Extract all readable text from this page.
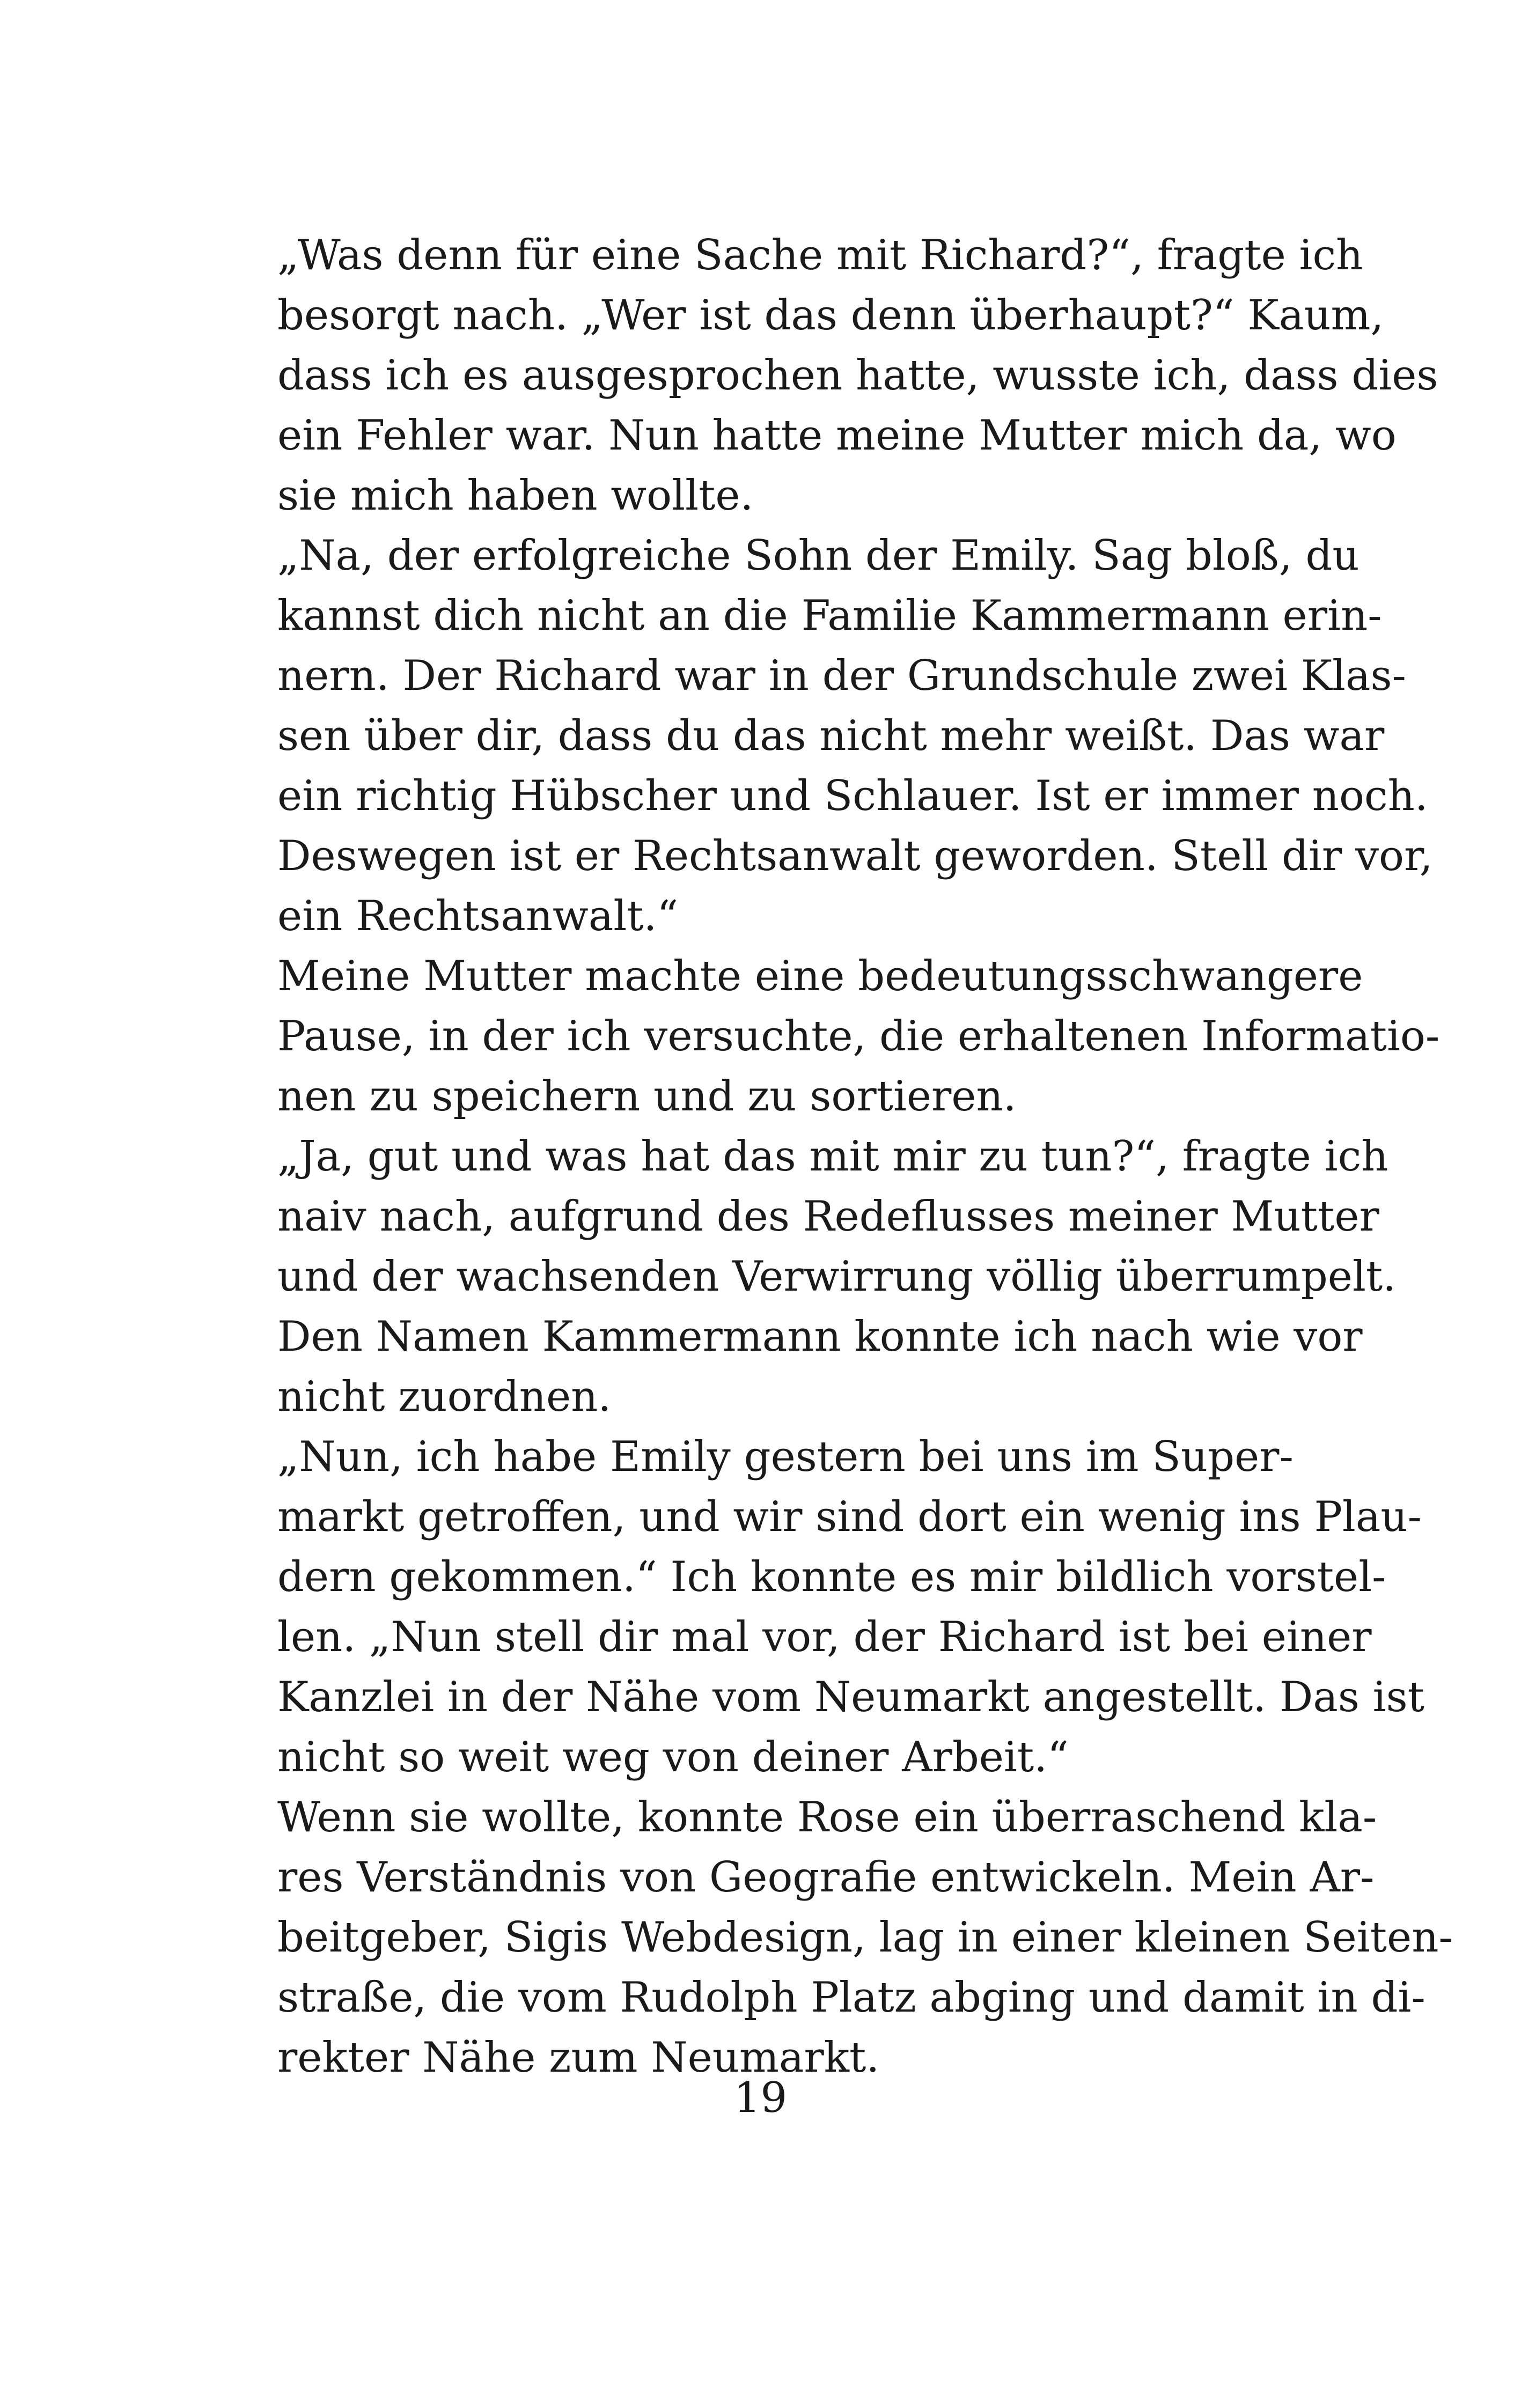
„Was denn für eine Sache mit Richard?“, fragte ich
besorgt nach. „Wer ist das denn überhaupt?“ Kaum,
dass ich es ausgesprochen hatte, wusste ich, dass dies
ein Fehler war. Nun hatte meine Mutter mich da, wo
sie mich haben wollte.

„Na, der erfolgreiche Sohn der Emily. Sag bloß, du
kannst dich nicht an die Familie Kammermann erin-
nern. Der Richard war in der Grundschule zwei Klas-
sen über dir, dass du das nicht mehr weißt. Das war
ein richtig Hübscher und Schlauer. Ist er immer noch.
Deswegen ist er Rechtsanwalt geworden. Stell dir vor,
ein Rechtsanwalt.“

Meine Mutter machte eine bedeutungsschwangere
Pause, in der ich versuchte, die erhaltenen Informatio-
nen zu speichern und zu sortieren.

„Ja, gut und was hat das mit mir zu tun?“, fragte ich
naiv nach, aufgrund des Redeflusses meiner Mutter
und der wachsenden Verwirrung völlig überrumpelt.
Den Namen Kammermann konnte ich nach wie vor
nicht zuordnen.

„Nun, ich habe Emily gestern bei uns im Super-
markt getroffen, und wir sind dort ein wenig ins Plau-
dern gekommen.“ Ich konnte es mir bildlich vorstel-
len. „Nun stell dir mal vor, der Richard ist bei einer
Kanzlei in der Nähe vom Neumarkt angestellt. Das ist
nicht so weit weg von deiner Arbeit.“

Wenn sie wollte, konnte Rose ein überraschend kla-
res Verständnis von Geografie entwickeln. Mein Ar-
beitgeber, Sigis Webdesign, lag in einer kleinen Seiten-
straße, die vom Rudolph Platz abging und damit in di-
rekter Nähe zum Neumarkt.

19
